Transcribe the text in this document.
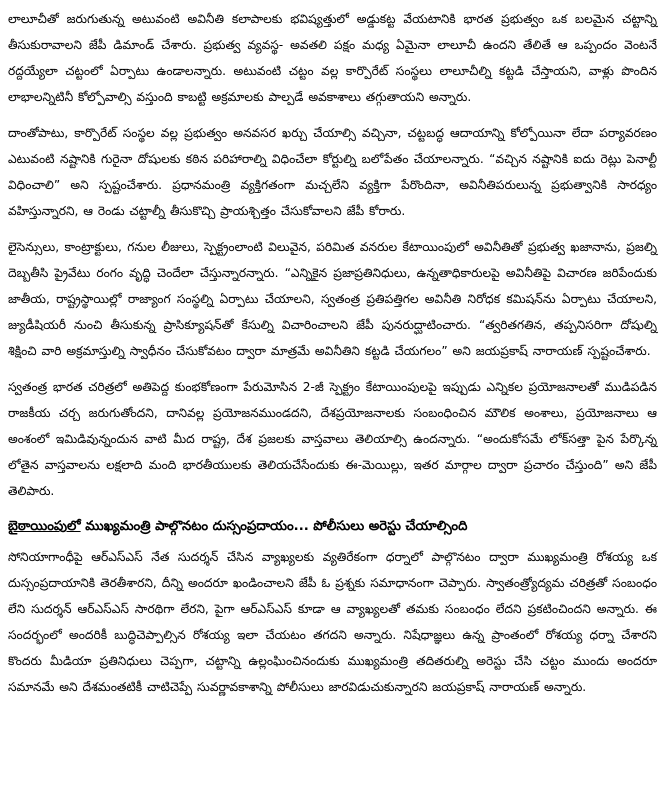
లాలూచీతో జరుగుతున్న అటువంటి అవినీతి కలాపాలకు భవిష్యత్తులో అడ్డుకట్ట వేయటానికి భారత ప్రభుత్వం ఒక బలమైన చట్టాన్ని తీసుకురావాలని జేపీ డిమాండ్ చేశారు. ప్రభుత్వ వ్యవస్థ- అవతలి పక్షం మధ్య ఏమైనా లాలూచీ ఉందని తేలితే ఆ ఒప్పందం వెంటనే రద్దయ్యేలా చట్టంలో ఏర్పాటు ఉండాలన్నారు. అటువంటి చట్టం వల్ల కార్పొరేట్ సంస్థలు లాలూచీల్ని కట్టడి చేస్తాయని, వాళ్లు పొందిన లాభాలన్నిటినీ కోల్పోవాల్సి వస్తుంది కాబట్టి అక్రమాలకు పాల్పడే అవకాశాలు తగ్గుతాయని అన్నారు.

దాంతోపాటు, కార్పొరేట్ సంస్థల వల్ల ప్రభుత్వం అనవసర ఖర్చు చేయాల్సి వచ్చినా, చట్టబద్ధ ఆదాయాన్ని కోల్పోయినా లేదా పర్యావరణం ఎటువంటి నష్టానికి గురైనా దోషులకు కఠిన పరిహారాల్ని విధించేలా కోర్టుల్ని బలోపేతం చేయాలన్నారు. “వచ్చిన నష్టానికి ఐదు రెట్లు పెనాల్టీ విధించాలి” అని స్పష్టంచేశారు. ప్రధానమంత్రి వ్యక్తిగతంగా మచ్చలేని వ్యక్తిగా పేరొందినా, అవినీతిపరులున్న ప్రభుత్వానికి సారధ్యం వహిస్తున్నారని, ఆ రెండు చట్టాల్నీ తీసుకొచ్చి ప్రాయశ్చిత్తం చేసుకోవాలని జేపీ కోరారు.

లైసెన్సులు, కాంట్రాక్టులు, గనుల లీజులు, స్పెక్ట్రంలాంటి విలువైన, పరిమిత వనరుల కేటాయింపులో అవినీతితో ప్రభుత్వ ఖజానాను, ప్రజల్ని దెబ్బతీసి ప్రైవేటు రంగం వృద్ధి చెందేలా చేస్తున్నారన్నారు. “ఎన్నికైన ప్రజాప్రతినిధులు, ఉన్నతాధికారులపై అవినీతిపై విచారణ జరిపేందుకు జాతీయ, రాష్ట్రస్థాయిల్లో రాజ్యాంగ సంస్థల్ని ఏర్పాటు చేయాలని, స్వతంత్ర ప్రతిపత్తిగల అవినీతి నిరోధక కమిషన్‌ను ఏర్పాటు చేయాలని, జ్యుడీషియరీ నుంచి తీసుకున్న ప్రాసిక్యూషన్‌తో కేసుల్ని విచారించాలని జేపీ పునరుద్ఘాటించారు. “త్వరితగతిన, తప్పనిసరిగా దోషుల్ని శిక్షించి వారి అక్రమాస్తుల్ని స్వాధీనం చేసుకోవటం ద్వారా మాత్రమే అవినీతిని కట్టడి చేయగలం” అని జయప్రకాష్ నారాయణ్ స్పష్టంచేశారు.

స్వతంత్ర భారత చరిత్రలో అతిపెద్ద కుంభకోణంగా పేరుమోసిన 2-జీ స్పెక్ట్రం కేటాయింపులపై ఇప్పుడు ఎన్నికల ప్రయోజనాలతో ముడిపడిన రాజకీయ చర్చ జరుగుతోందని, దానివల్ల ప్రయోజనముండదని, దేశప్రయోజనాలకు సంబంధించిన మౌలిక అంశాలు, ప్రయోజనాలు ఆ అంశంలో ఇమిడివున్నందున వాటి మీద రాష్ట్ర, దేశ ప్రజలకు వాస్తవాలు తెలియాల్సి ఉందన్నారు. “అందుకోసమే లోక్‌సత్తా పైన పేర్కొన్న లోతైన వాస్తవాలను లక్షలాది మంది భారతీయులకు తెలియచేసేందుకు ఈ-మెయిల్లు, ఇతర మార్గాల ద్వారా ప్రచారం చేస్తుంది” అని జేపీ తెలిపారు.

బైఠాయింపులో ముఖ్యమంత్రి పాల్గొనటం దుస్సంప్రదాయం... పోలీసులు అరెస్టు చేయాల్సింది

సోనియాగాంధీపై ఆర్ఎస్ఎస్ నేత సుదర్శన్ చేసిన వ్యాఖ్యలకు వ్యతిరేకంగా ధర్నాలో పాల్గొనటం ద్వారా ముఖ్యమంత్రి రోశయ్య ఒక దుస్సంప్రదాయానికి తెరతీశారని, దీన్ని అందరూ ఖండించాలని జేపీ ఓ ప్రశ్నకు సమాధానంగా చెప్పారు. స్వాతంత్ర్యోద్యమ చరిత్రతో సంబంధం లేని సుదర్శన్ ఆర్ఎస్ఎస్ సారథిగా లేరని, పైగా ఆర్ఎస్ఎస్ కూడా ఆ వ్యాఖ్యలతో తమకు సంబంధం లేదని ప్రకటించిందని అన్నారు. ఈ సందర్భంలో అందరికీ బుద్ధిచెప్పాల్సిన రోశయ్య ఇలా చేయటం తగదని అన్నారు. నిషేధాజ్ఞలు ఉన్న ప్రాంతంలో రోశయ్య ధర్నా చేశారని కొందరు మీడియా ప్రతినిధులు చెప్పగా, చట్టాన్ని ఉల్లంఘించినందుకు ముఖ్యమంత్రి తదితరుల్ని అరెస్టు చేసి చట్టం ముందు అందరూ సమానమే అని దేశమంతటికీ చాటిచెప్పే సువర్ణావకాశాన్ని పోలీసులు జారవిడుచుకున్నారని జయప్రకాష్ నారాయణ్ అన్నారు.
